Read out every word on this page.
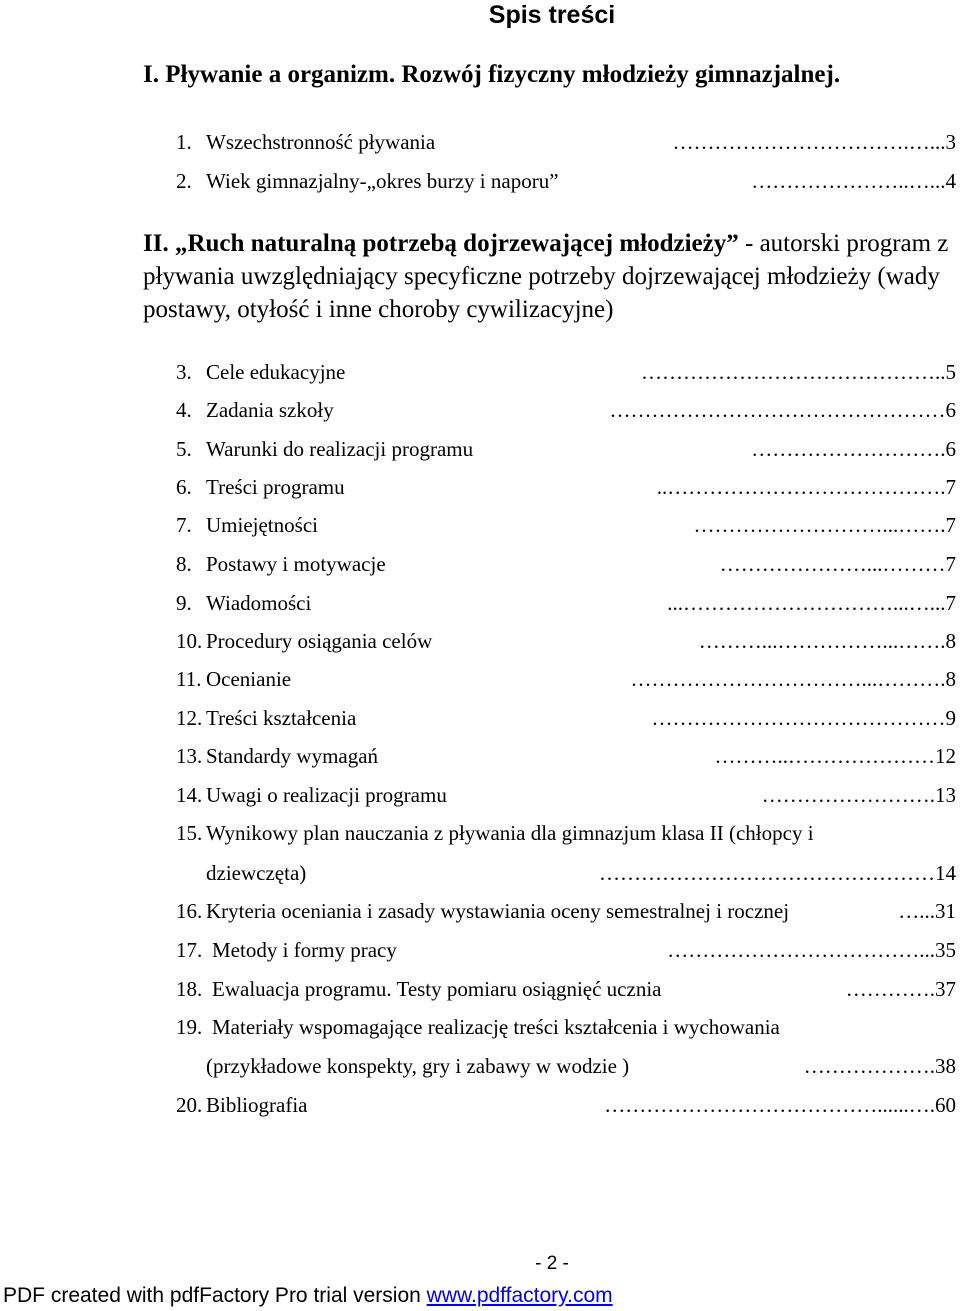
Spis treści
I. Pływanie a organizm. Rozwój fizyczny młodzieży gimnazjalnej.
1. Wszechstronność pływania	…………………………….…...3
2. Wiek gimnazjalny-„okres burzy i naporu”	…………………..…...4
II. „Ruch naturalną potrzebą dojrzewającej młodzieży” - autorski program z pływania uwzględniający specyficzne potrzeby dojrzewającej młodzieży (wady postawy, otyłość i inne choroby cywilizacyjne)
3. Cele edukacyjne	……………………………………..5
4. Zadania szkoły	…………………………………………6
5. Warunki do realizacji programu	……………………….6
6. Treści programu	..………………………………….7
7. Umiejętności	………………………...…….7
8. Postawy i motywacje	…………………...………7
9. Wiadomości	...…………………………...…...7
10. Procedury osiągania celów	………...……………...…….8
11. Ocenianie	……………………………...……….8
12. Treści kształcenia	……………………………………9
13. Standardy wymagań	………..…………………12
14. Uwagi o realizacji programu	…………………….13
15. Wynikowy plan nauczania z pływania dla gimnazjum klasa II (chłopcy i
dziewczęta)	…………………………………………14
16. Kryteria oceniania i zasady wystawiania oceny semestralnej i rocznej	…...31
17. Metody i formy pracy	………………………………...35
18. Ewaluacja programu. Testy pomiaru osiągnięć ucznia	………….37
19. Materiały wspomagające realizację treści kształcenia i wychowania
(przykładowe konspekty, gry i zabawy w wodzie )	……………….38
20. Bibliografia	…………………………………......….60
- 2 -
PDF created with pdfFactory Pro trial version www.pdffactory.com
